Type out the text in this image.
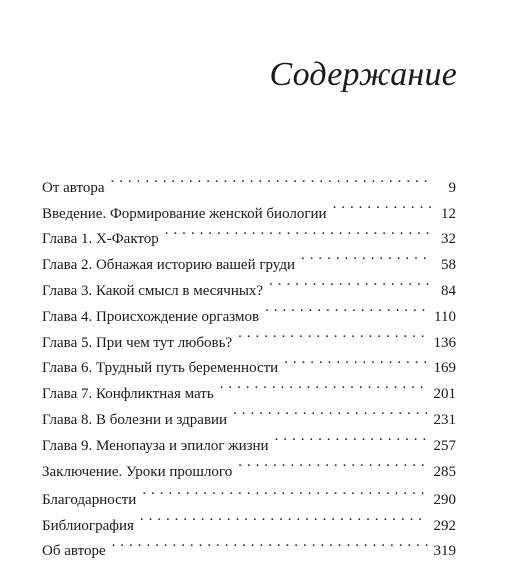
Содержание
От автора . . .	9
Введение. Формирование женской биологии . . .	12
Глава 1. X-Фактор . . .	32
Глава 2. Обнажая историю вашей груди . . .	58
Глава 3. Какой смысл в месячных? . . .	84
Глава 4. Происхождение оргазмов . . .	110
Глава 5. При чем тут любовь? . . .	136
Глава 6. Трудный путь беременности . . .	169
Глава 7. Конфликтная мать . . .	201
Глава 8. В болезни и здравии . . .	231
Глава 9. Менопауза и эпилог жизни . . .	257
Заключение. Уроки прошлого . . .	285
Благодарности . . .	290
Библиография . . .	292
Об авторе . . .	319
